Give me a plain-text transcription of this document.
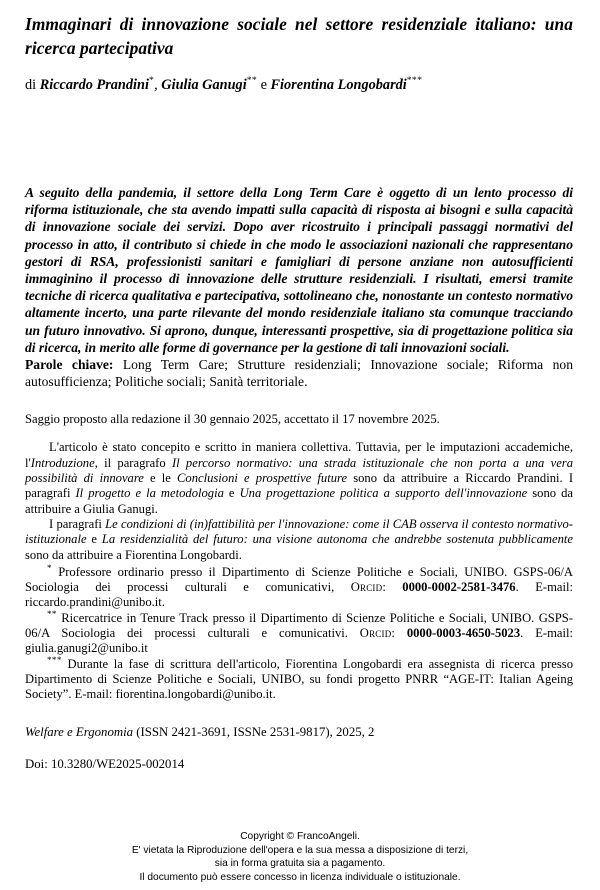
Immaginari di innovazione sociale nel settore residenziale italiano: una ricerca partecipativa

di Riccardo Prandini*, Giulia Ganugi** e Fiorentina Longobardi***

A seguito della pandemia, il settore della Long Term Care è oggetto di un lento processo di riforma istituzionale, che sta avendo impatti sulla capacità di risposta ai bisogni e sulla capacità di innovazione sociale dei servizi. Dopo aver ricostruito i principali passaggi normativi del processo in atto, il contributo si chiede in che modo le associazioni nazionali che rappresentano gestori di RSA, professionisti sanitari e famigliari di persone anziane non autosufficienti immaginino il processo di innovazione delle strutture residenziali. I risultati, emersi tramite tecniche di ricerca qualitativa e partecipativa, sottolineano che, nonostante un contesto normativo altamente incerto, una parte rilevante del mondo residenziale italiano sta comunque tracciando un futuro innovativo. Si aprono, dunque, interessanti prospettive, sia di progettazione politica sia di ricerca, in merito alle forme di governance per la gestione di tali innovazioni sociali.

Parole chiave: Long Term Care; Strutture residenziali; Innovazione sociale; Riforma non autosufficienza; Politiche sociali; Sanità territoriale.

Saggio proposto alla redazione il 30 gennaio 2025, accettato il 17 novembre 2025.

L'articolo è stato concepito e scritto in maniera collettiva. Tuttavia, per le imputazioni accademiche, l'Introduzione, il paragrafo Il percorso normativo: una strada istituzionale che non porta a una vera possibilità di innovare e le Conclusioni e prospettive future sono da attribuire a Riccardo Prandini. I paragrafi Il progetto e la metodologia e Una progettazione politica a supporto dell'innovazione sono da attribuire a Giulia Ganugi.

I paragrafi Le condizioni di (in)fattibilità per l'innovazione: come il CAB osserva il contesto normativo-istituzionale e La residenzialità del futuro: una visione autonoma che andrebbe sostenuta pubblicamente sono da attribuire a Fiorentina Longobardi.

* Professore ordinario presso il Dipartimento di Scienze Politiche e Sociali, UNIBO. GSPS-06/A Sociologia dei processi culturali e comunicativi, Orcid: 0000-0002-2581-3476. E-mail: riccardo.prandini@unibo.it.

** Ricercatrice in Tenure Track presso il Dipartimento di Scienze Politiche e Sociali, UNIBO. GSPS-06/A Sociologia dei processi culturali e comunicativi. Orcid: 0000-0003-4650-5023. E-mail: giulia.ganugi2@unibo.it

*** Durante la fase di scrittura dell'articolo, Fiorentina Longobardi era assegnista di ricerca presso Dipartimento di Scienze Politiche e Sociali, UNIBO, su fondi progetto PNRR “AGE-IT: Italian Ageing Society”. E-mail: fiorentina.longobardi@unibo.it.

Welfare e Ergonomia (ISSN 2421-3691, ISSNe 2531-9817), 2025, 2

Doi: 10.3280/WE2025-002014

Copyright © FrancoAngeli.
E' vietata la Riproduzione dell'opera e la sua messa a disposizione di terzi,
sia in forma gratuita sia a pagamento.
Il documento può essere concesso in licenza individuale o istituzionale.
